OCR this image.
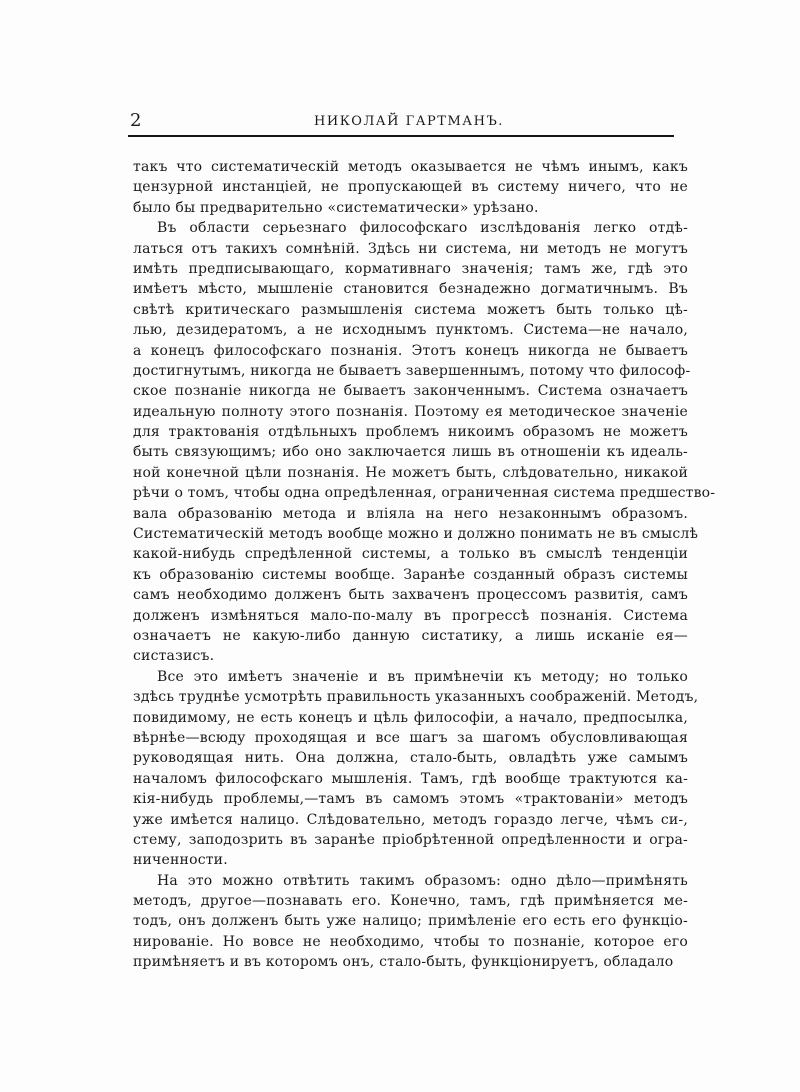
2	НИКОЛАЙ ГАРТМАНЪ.
такъ что систематическій методъ оказывается не чѣмъ инымъ, какъ
цензурной инстанціей, не пропускающей въ систему ничего, что не
было бы предварительно «систематически» урѣзано.
Въ области серьезнаго философскаго изслѣдованія легко отдѣ-
латься отъ такихъ сомнѣній. Здѣсь ни система, ни методъ не могутъ
имѣть предписывающаго, кормативнаго значенія; тамъ же, гдѣ это
имѣетъ мѣсто, мышленіе становится безнадежно догматичнымъ. Въ
свѣтѣ критическаго размышленія система можетъ быть только цѣ-
лью, дезидератомъ, а не исходнымъ пунктомъ. Система—не начало,
а конецъ философскаго познанія. Этотъ конецъ никогда не бываетъ
достигнутымъ, никогда не бываетъ завершеннымъ, потому что философ-
ское познаніе никогда не бываетъ законченнымъ. Система означаетъ
идеальную полноту этого познанія. Поэтому ея методическое значеніе
для трактованія отдѣльныхъ проблемъ никоимъ образомъ не можетъ
быть связующимъ; ибо оно заключается лишь въ отношеніи къ идеаль-
ной конечной цѣли познанія. Не можетъ быть, слѣдовательно, никакой
рѣчи о томъ, чтобы одна опредѣленная, ограниченная система предшество-
вала образованію метода и вліяла на него незаконнымъ образомъ.
Систематическій методъ вообще можно и должно понимать не въ смыслѣ
какой-нибудь спредѣленной системы, а только въ смыслѣ тенденціи
къ образованію системы вообще. Заранѣе созданный образъ системы
самъ необходимо долженъ быть захваченъ процессомъ развитія, самъ
долженъ измѣняться мало-по-малу въ прогрессѣ познанія. Система
означаетъ не какую-либо данную систатику, а лишь исканіе ея—
систазисъ.
Все это имѣетъ значеніе и въ примѣнечіи къ методу; но только
здѣсь труднѣе усмотрѣть правильность указанныхъ соображеній. Методъ,
повидимому, не есть конецъ и цѣль философіи, а начало, предпосылка,
вѣрнѣе—всюду проходящая и все шагъ за шагомъ обусловливающая
руководящая нить. Она должна, стало-быть, овладѣть уже самымъ
началомъ философскаго мышленія. Тамъ, гдѣ вообще трактуются ка-
кія-нибудь проблемы,—тамъ въ самомъ этомъ «трактованіи» методъ
уже имѣется налицо. Слѣдовательно, методъ гораздо легче, чѣмъ си-,
стему, заподозрить въ заранѣе пріобрѣтенной опредѣленности и огра-
ниченности.
На это можно отвѣтить такимъ образомъ: одно дѣло—примѣнять
методъ, другое—познавать его. Конечно, тамъ, гдѣ примѣняется ме-
тодъ, онъ долженъ быть уже налицо; примѣленіе его есть его функціо-
нированіе. Но вовсе не необходимо, чтобы то познаніе, которое его
примѣняетъ и въ которомъ онъ, стало-быть, функціонируетъ, обладало
